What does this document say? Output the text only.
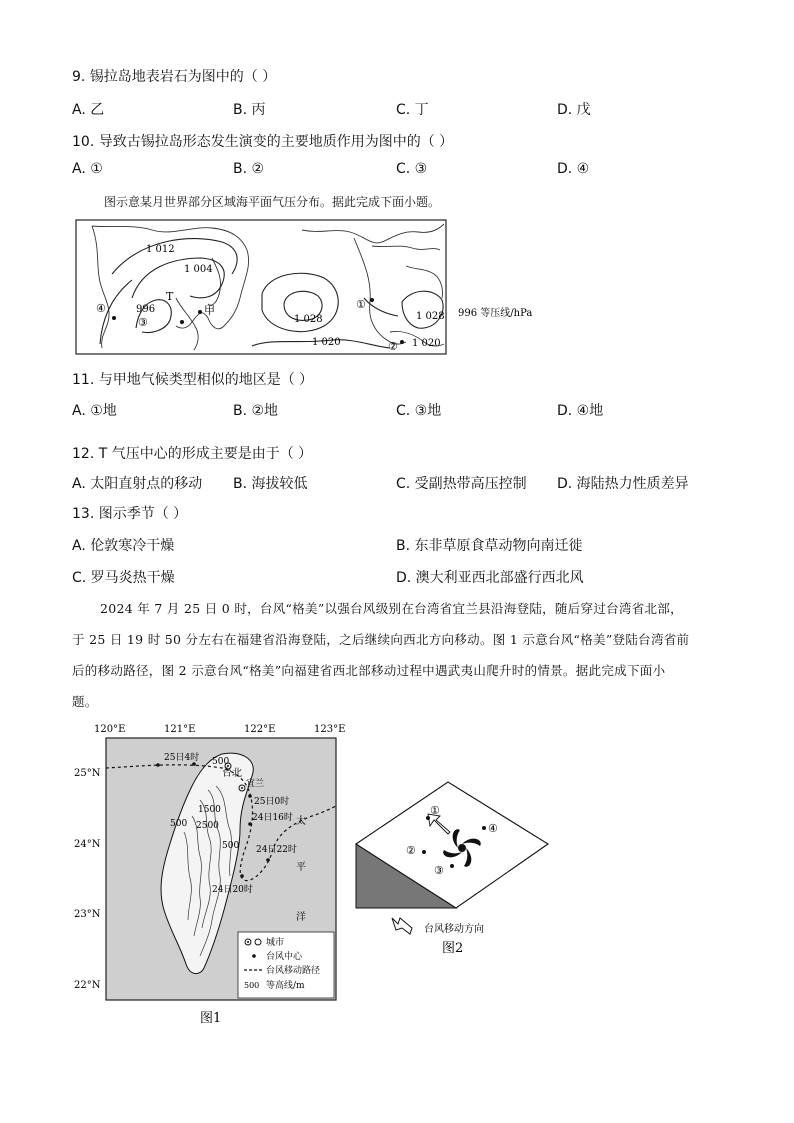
9. 锡拉岛地表岩石为图中的（ ）
A. 乙	B. 丙	C. 丁	D. 戊
10. 导致古锡拉岛形态发生演变的主要地质作用为图中的（ ）
A. ①	B. ②	C. ③	D. ④
图示意某月世界部分区域海平面气压分布。据此完成下面小题。
1 012
1 004
996
1 028
1 020
1 028
1 020
④	①
②
③
甲
T
996 等压线/hPa
11. 与甲地气候类型相似的地区是（ ）
A. ①地	B. ②地	C. ③地	D. ④地
12. T 气压中心的形成主要是由于（ ）
A. 太阳直射点的移动 B. 海拔较低	C. 受副热带高压控制 D. 海陆热力性质差异
13. 图示季节（ ）
A. 伦敦寒冷干燥	B. 东非草原食草动物向南迁徙
C. 罗马炎热干燥	D. 澳大利亚西北部盛行西北风
2024 年 7 月 25 日 0 时，台风“格美”以强台风级别在台湾省宜兰县沿海登陆，随后穿过台湾省北部，
于 25 日 19 时 50 分左右在福建省沿海登陆，之后继续向西北方向移动。图 1 示意台风“格美”登陆台湾省前
后的移动路径，图 2 示意台风“格美”向福建省西北部移动过程中遇武夷山爬升时的情景。据此完成下面小
题。
120°E	121°E	122°E	123°E
25°N
24°N
23°N
22°N
台北
宜兰
25日4时
25日0时
24日16时
24日22时
24日20时
500
500
1500
2500
500
太
平
洋
城市
台风中心
台风移动路径
500 等高线/m
图1
①
②
③
④
台风移动方向
图2
